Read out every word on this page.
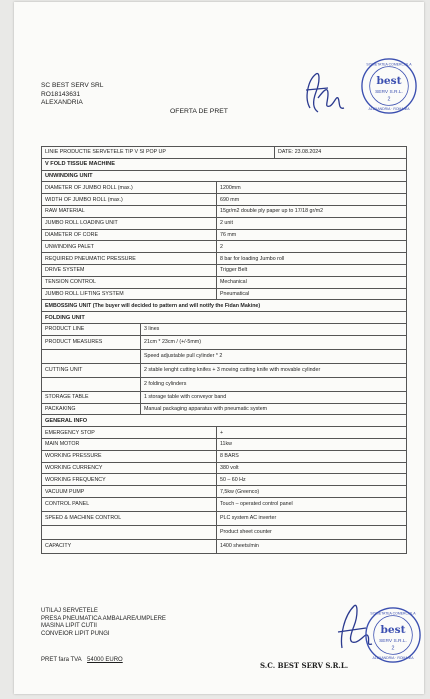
best
SERV S.R.L.
2
SOCIETATEA COMERCIALA
ALEXANDRIA · ROMANIA
SC BEST SERV SRL
RO18143631
ALEXANDRIA
OFERTA DE PRET
LINIE PRODUCTIE SERVETELE TIP V SI POP UP			DATE: 23.08.2024
V FOLD TISSUE MACHINE			
UNWINDING UNIT			
DIAMETER OF JUMBO ROLL (max.)		1200mm	
WIDTH OF JUMBO ROLL (max.)		690 mm	
RAW MATERIAL		15gr/m2 double ply paper up to 17/18 gr/m2	
JUMBO ROLL LOADING UNIT		2 unit	
DIAMETER OF CORE		76 mm	
UNWINDING PALET		2	
REQUIRED PNEUMATIC PRESSURE		8 bar for loading Jumbo roll	
DRIVE SYSTEM		Trigger Belt	
TENSION CONTROL		Mechanical	
JUMBO ROLL LIFTING SYSTEM		Pneumatical	
EMBOSSING UNIT (The buyer will decided to pattern and will notify the Fidan Makine)			
FOLDING UNIT			
PRODUCT LINE	3 lines		
PRODUCT MEASURES	21cm * 23cm / (+/-5mm)		
	Speed adjustable pull cylinder * 2		
CUTTING UNIT	2 stable lenght cutting knifes + 3 moving cutting knife with movable cylinder		
	2 folding cylinders		
STORAGE TABLE	1 storage table with conveyor band		
PACKAKING	Manual packaging apparatus with pneumatic system		
GENERAL INFO			
EMERGENCY STOP		+	
MAIN MOTOR		11kw	
WORKING PRESSURE		8 BARS	
WORKING CURRENCY		380 volt	
WORKING FREQUENCY		50 – 60 Hz	
VACUUM PUMP		7,5kw (Greenco)	
CONTROL PANEL		Touch – operated control panel	
SPEED & MACHINE CONTROL		PLC system AC inverter	
		Product sheet counter	
CAPACITY		1400 sheets/min	
UTILAJ SERVETELE
PRESA PNEUMATICA AMBALARE/UMPLERE
MASINA LIPIT CUTII
CONVEIOR LIPIT PUNGI
PRET fara TVA 54000 EURO
best
SERV S.R.L.
2
SOCIETATEA COMERCIALA
ALEXANDRIA · ROMANIA
S.C. BEST SERV S.R.L.
